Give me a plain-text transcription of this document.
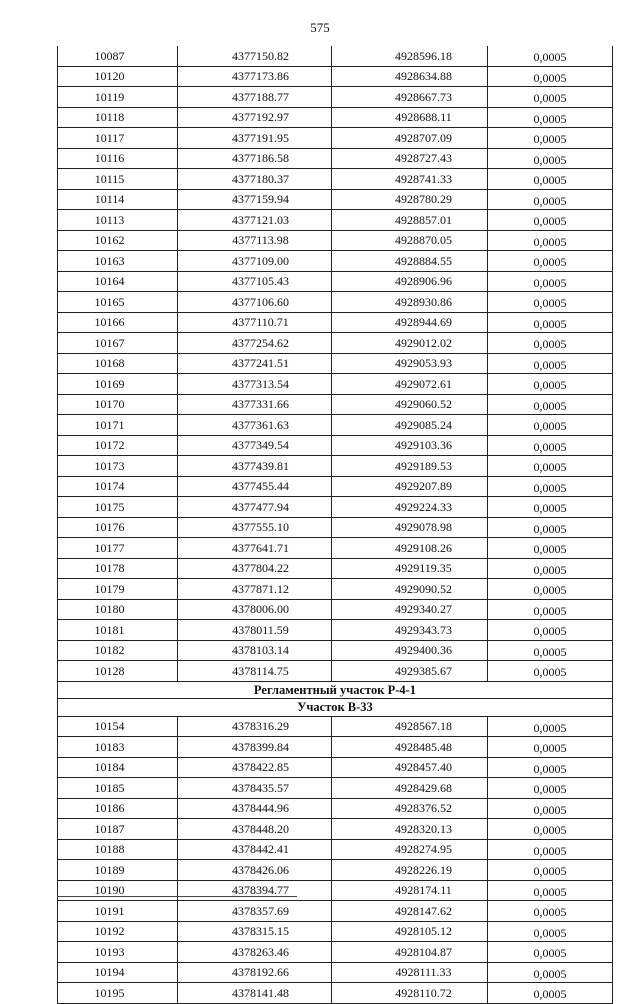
575
10087	4377150.82	4928596.18	0,0005
10120	4377173.86	4928634.88	0,0005
10119	4377188.77	4928667.73	0,0005
10118	4377192.97	4928688.11	0,0005
10117	4377191.95	4928707.09	0,0005
10116	4377186.58	4928727.43	0,0005
10115	4377180.37	4928741.33	0,0005
10114	4377159.94	4928780.29	0,0005
10113	4377121.03	4928857.01	0,0005
10162	4377113.98	4928870.05	0,0005
10163	4377109.00	4928884.55	0,0005
10164	4377105.43	4928906.96	0,0005
10165	4377106.60	4928930.86	0,0005
10166	4377110.71	4928944.69	0,0005
10167	4377254.62	4929012.02	0,0005
10168	4377241.51	4929053.93	0,0005
10169	4377313.54	4929072.61	0,0005
10170	4377331.66	4929060.52	0,0005
10171	4377361.63	4929085.24	0,0005
10172	4377349.54	4929103.36	0,0005
10173	4377439.81	4929189.53	0,0005
10174	4377455.44	4929207.89	0,0005
10175	4377477.94	4929224.33	0,0005
10176	4377555.10	4929078.98	0,0005
10177	4377641.71	4929108.26	0,0005
10178	4377804.22	4929119.35	0,0005
10179	4377871.12	4929090.52	0,0005
10180	4378006.00	4929340.27	0,0005
10181	4378011.59	4929343.73	0,0005
10182	4378103.14	4929400.36	0,0005
10128	4378114.75	4929385.67	0,0005
Регламентный участок Р-4-1			
Участок В-33			
10154	4378316.29	4928567.18	0,0005
10183	4378399.84	4928485.48	0,0005
10184	4378422.85	4928457.40	0,0005
10185	4378435.57	4928429.68	0,0005
10186	4378444.96	4928376.52	0,0005
10187	4378448.20	4928320.13	0,0005
10188	4378442.41	4928274.95	0,0005
10189	4378426.06	4928226.19	0,0005
10190	4378394.77	4928174.11	0,0005
10191	4378357.69	4928147.62	0,0005
10192	4378315.15	4928105.12	0,0005
10193	4378263.46	4928104.87	0,0005
10194	4378192.66	4928111.33	0,0005
10195	4378141.48	4928110.72	0,0005
